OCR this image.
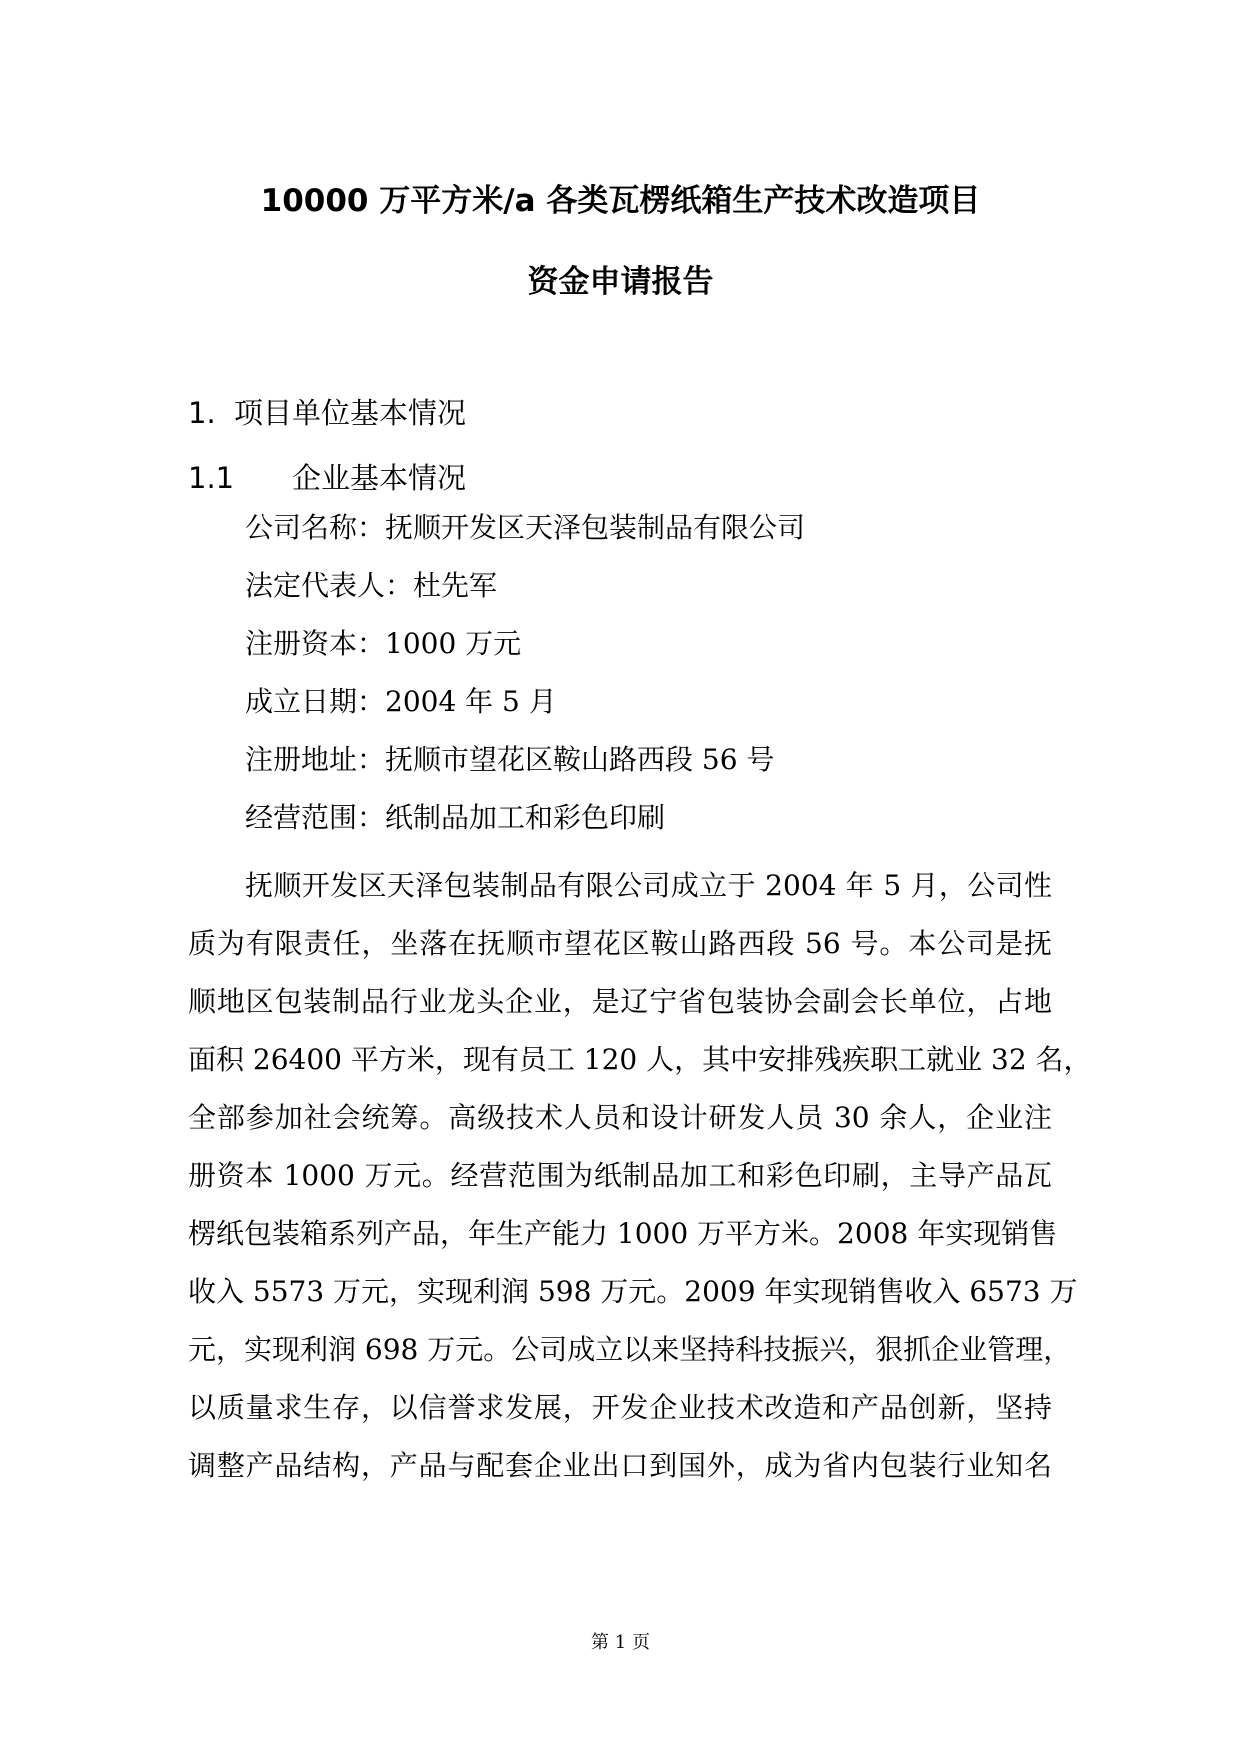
10000 万平方米/a 各类瓦楞纸箱生产技术改造项目
资金申请报告
1. 项目单位基本情况
1.1 企业基本情况
公司名称：抚顺开发区天泽包装制品有限公司
法定代表人：杜先军
注册资本：1000 万元
成立日期：2004 年 5 月
注册地址：抚顺市望花区鞍山路西段 56 号
经营范围：纸制品加工和彩色印刷
抚顺开发区天泽包装制品有限公司成立于 2004 年 5 月，公司性
质为有限责任，坐落在抚顺市望花区鞍山路西段 56 号。本公司是抚
顺地区包装制品行业龙头企业，是辽宁省包装协会副会长单位，占地
面积 26400 平方米，现有员工 120 人，其中安排残疾职工就业 32 名，
全部参加社会统筹。高级技术人员和设计研发人员 30 余人，企业注
册资本 1000 万元。经营范围为纸制品加工和彩色印刷，主导产品瓦
楞纸包装箱系列产品，年生产能力 1000 万平方米。2008 年实现销售
收入 5573 万元，实现利润 598 万元。2009 年实现销售收入 6573 万
元，实现利润 698 万元。公司成立以来坚持科技振兴，狠抓企业管理，
以质量求生存，以信誉求发展，开发企业技术改造和产品创新，坚持
调整产品结构，产品与配套企业出口到国外，成为省内包装行业知名
第 1 页
